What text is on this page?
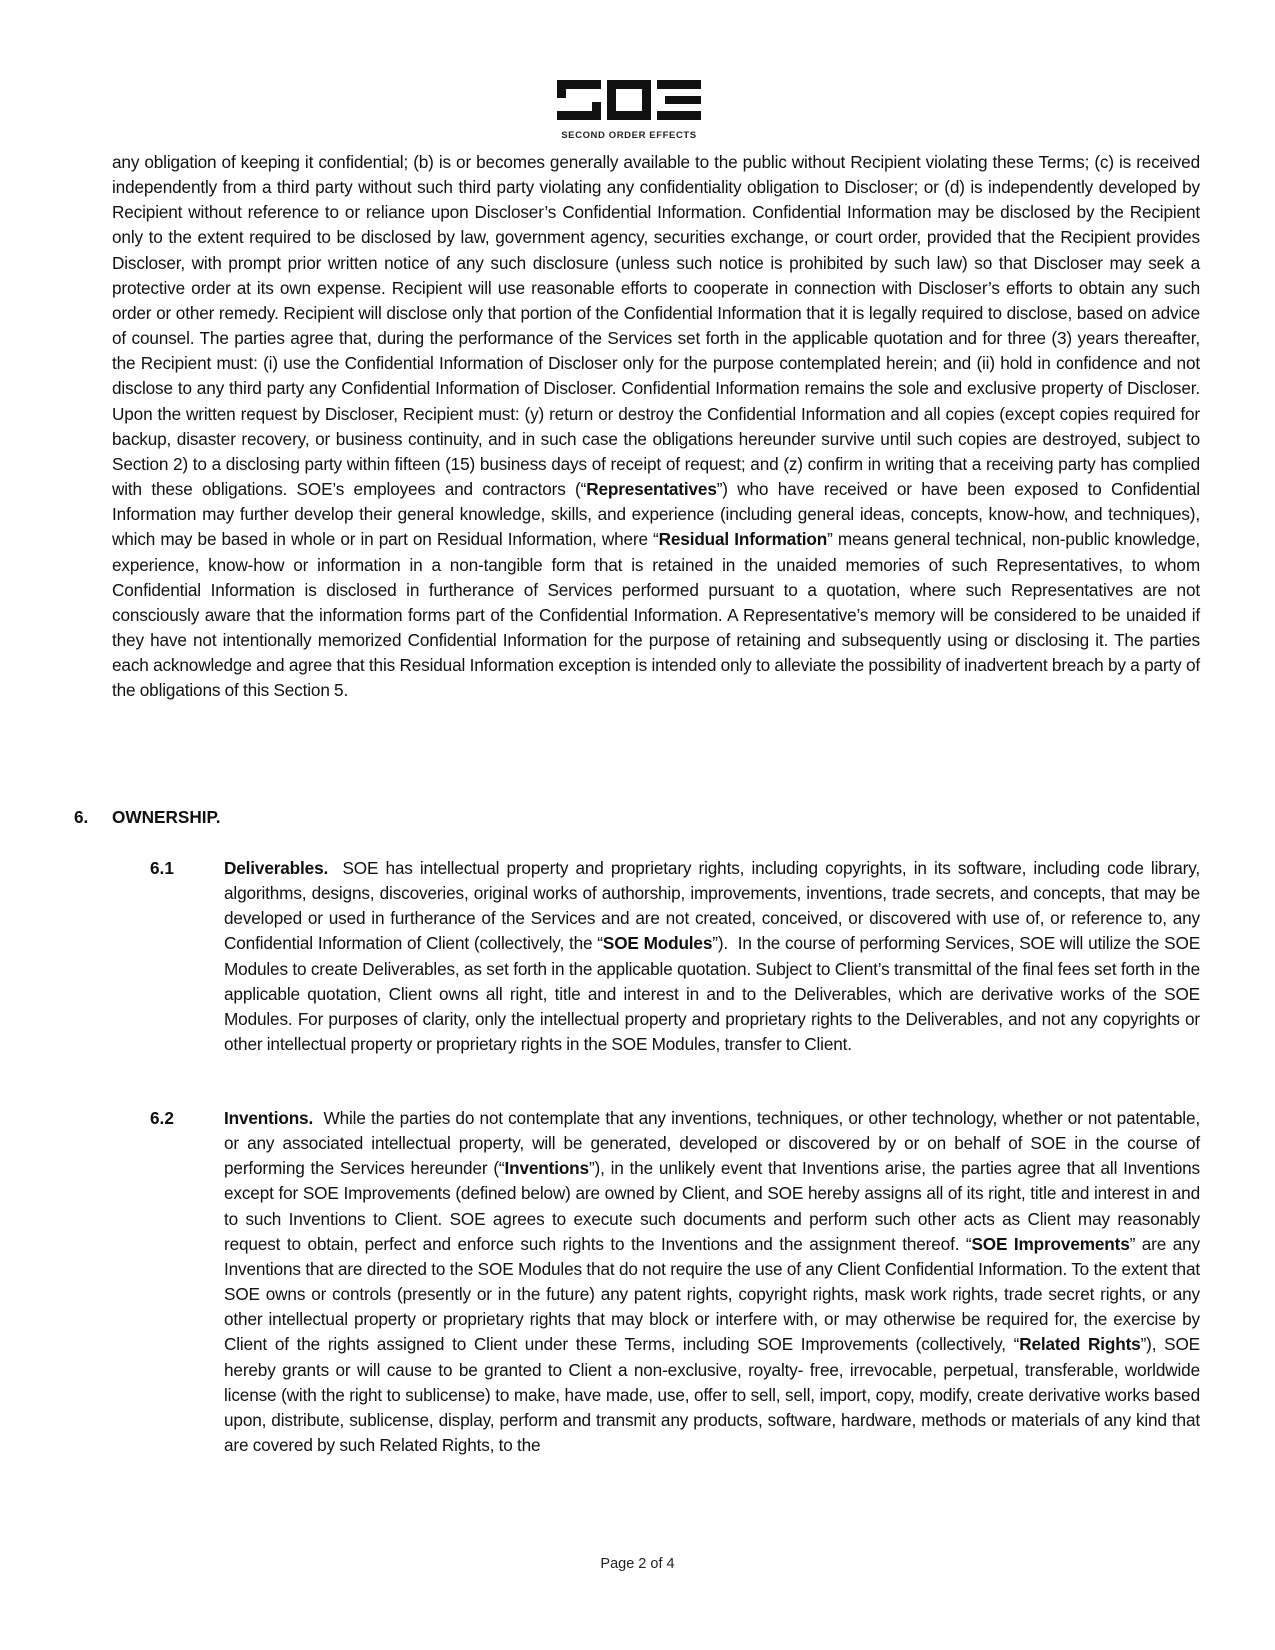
SECOND ORDER EFFECTS
any obligation of keeping it confidential; (b) is or becomes generally available to the public without Recipient violating these Terms; (c) is received independently from a third party without such third party violating any confidentiality obligation to Discloser; or (d) is independently developed by Recipient without reference to or reliance upon Discloser’s Confidential Information. Confidential Information may be disclosed by the Recipient only to the extent required to be disclosed by law, government agency, securities exchange, or court order, provided that the Recipient provides Discloser, with prompt prior written notice of any such disclosure (unless such notice is prohibited by such law) so that Discloser may seek a protective order at its own expense. Recipient will use reasonable efforts to cooperate in connection with Discloser’s efforts to obtain any such order or other remedy. Recipient will disclose only that portion of the Confidential Information that it is legally required to disclose, based on advice of counsel. The parties agree that, during the performance of the Services set forth in the applicable quotation and for three (3) years thereafter, the Recipient must: (i) use the Confidential Information of Discloser only for the purpose contemplated herein; and (ii) hold in confidence and not disclose to any third party any Confidential Information of Discloser. Confidential Information remains the sole and exclusive property of Discloser. Upon the written request by Discloser, Recipient must: (y) return or destroy the Confidential Information and all copies (except copies required for backup, disaster recovery, or business continuity, and in such case the obligations hereunder survive until such copies are destroyed, subject to Section 2) to a disclosing party within fifteen (15) business days of receipt of request; and (z) confirm in writing that a receiving party has complied with these obligations. SOE’s employees and contractors (“Representatives”) who have received or have been exposed to Confidential Information may further develop their general knowledge, skills, and experience (including general ideas, concepts, know-how, and techniques), which may be based in whole or in part on Residual Information, where “Residual Information” means general technical, non-public knowledge, experience, know-how or information in a non-tangible form that is retained in the unaided memories of such Representatives, to whom Confidential Information is disclosed in furtherance of Services performed pursuant to a quotation, where such Representatives are not consciously aware that the information forms part of the Confidential Information. A Representative’s memory will be considered to be unaided if they have not intentionally memorized Confidential Information for the purpose of retaining and subsequently using or disclosing it. The parties each acknowledge and agree that this Residual Information exception is intended only to alleviate the possibility of inadvertent breach by a party of the obligations of this Section 5.
6. OWNERSHIP.
6.1	Deliverables.  SOE has intellectual property and proprietary rights, including copyrights, in its software, including code library, algorithms, designs, discoveries, original works of authorship, improvements, inventions, trade secrets, and concepts, that may be developed or used in furtherance of the Services and are not created, conceived, or discovered with use of, or reference to, any Confidential Information of Client (collectively, the “SOE Modules”).  In the course of performing Services, SOE will utilize the SOE Modules to create Deliverables, as set forth in the applicable quotation. Subject to Client’s transmittal of the final fees set forth in the applicable quotation, Client owns all right, title and interest in and to the Deliverables, which are derivative works of the SOE Modules. For purposes of clarity, only the intellectual property and proprietary rights to the Deliverables, and not any copyrights or other intellectual property or proprietary rights in the SOE Modules, transfer to Client.
6.2	Inventions.  While the parties do not contemplate that any inventions, techniques, or other technology, whether or not patentable, or any associated intellectual property, will be generated, developed or discovered by or on behalf of SOE in the course of performing the Services hereunder (“Inventions”), in the unlikely event that Inventions arise, the parties agree that all Inventions except for SOE Improvements (defined below) are owned by Client, and SOE hereby assigns all of its right, title and interest in and to such Inventions to Client. SOE agrees to execute such documents and perform such other acts as Client may reasonably request to obtain, perfect and enforce such rights to the Inventions and the assignment thereof. “SOE Improvements” are any Inventions that are directed to the SOE Modules that do not require the use of any Client Confidential Information. To the extent that SOE owns or controls (presently or in the future) any patent rights, copyright rights, mask work rights, trade secret rights, or any other intellectual property or proprietary rights that may block or interfere with, or may otherwise be required for, the exercise by Client of the rights assigned to Client under these Terms, including SOE Improvements (collectively, “Related Rights”), SOE hereby grants or will cause to be granted to Client a non-exclusive, royalty- free, irrevocable, perpetual, transferable, worldwide license (with the right to sublicense) to make, have made, use, offer to sell, sell, import, copy, modify, create derivative works based upon, distribute, sublicense, display, perform and transmit any products, software, hardware, methods or materials of any kind that are covered by such Related Rights, to the
Page 2 of 4
